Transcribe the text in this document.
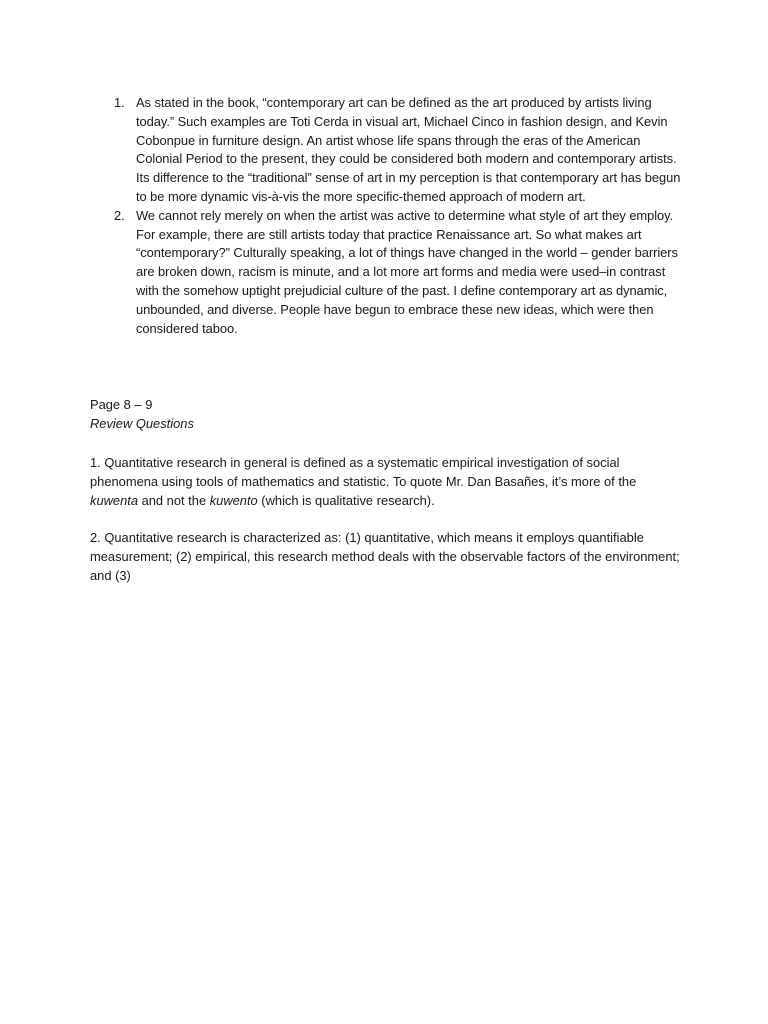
1. As stated in the book, “contemporary art can be defined as the art produced by artists living today.” Such examples are Toti Cerda in visual art, Michael Cinco in fashion design, and Kevin Cobonpue in furniture design. An artist whose life spans through the eras of the American Colonial Period to the present, they could be considered both modern and contemporary artists. Its difference to the “traditional” sense of art in my perception is that contemporary art has begun to be more dynamic vis-à-vis the more specific-themed approach of modern art.

2. We cannot rely merely on when the artist was active to determine what style of art they employ. For example, there are still artists today that practice Renaissance art. So what makes art “contemporary?” Culturally speaking, a lot of things have changed in the world – gender barriers are broken down, racism is minute, and a lot more art forms and media were used–in contrast with the somehow uptight prejudicial culture of the past. I define contemporary art as dynamic, unbounded, and diverse. People have begun to embrace these new ideas, which were then considered taboo.

Page 8 – 9

Review Questions

1. Quantitative research in general is defined as a systematic empirical investigation of social phenomena using tools of mathematics and statistic. To quote Mr. Dan Basañes, it’s more of the kuwenta and not the kuwento (which is qualitative research).

2. Quantitative research is characterized as: (1) quantitative, which means it employs quantifiable measurement; (2) empirical, this research method deals with the observable factors of the environment; and (3)
